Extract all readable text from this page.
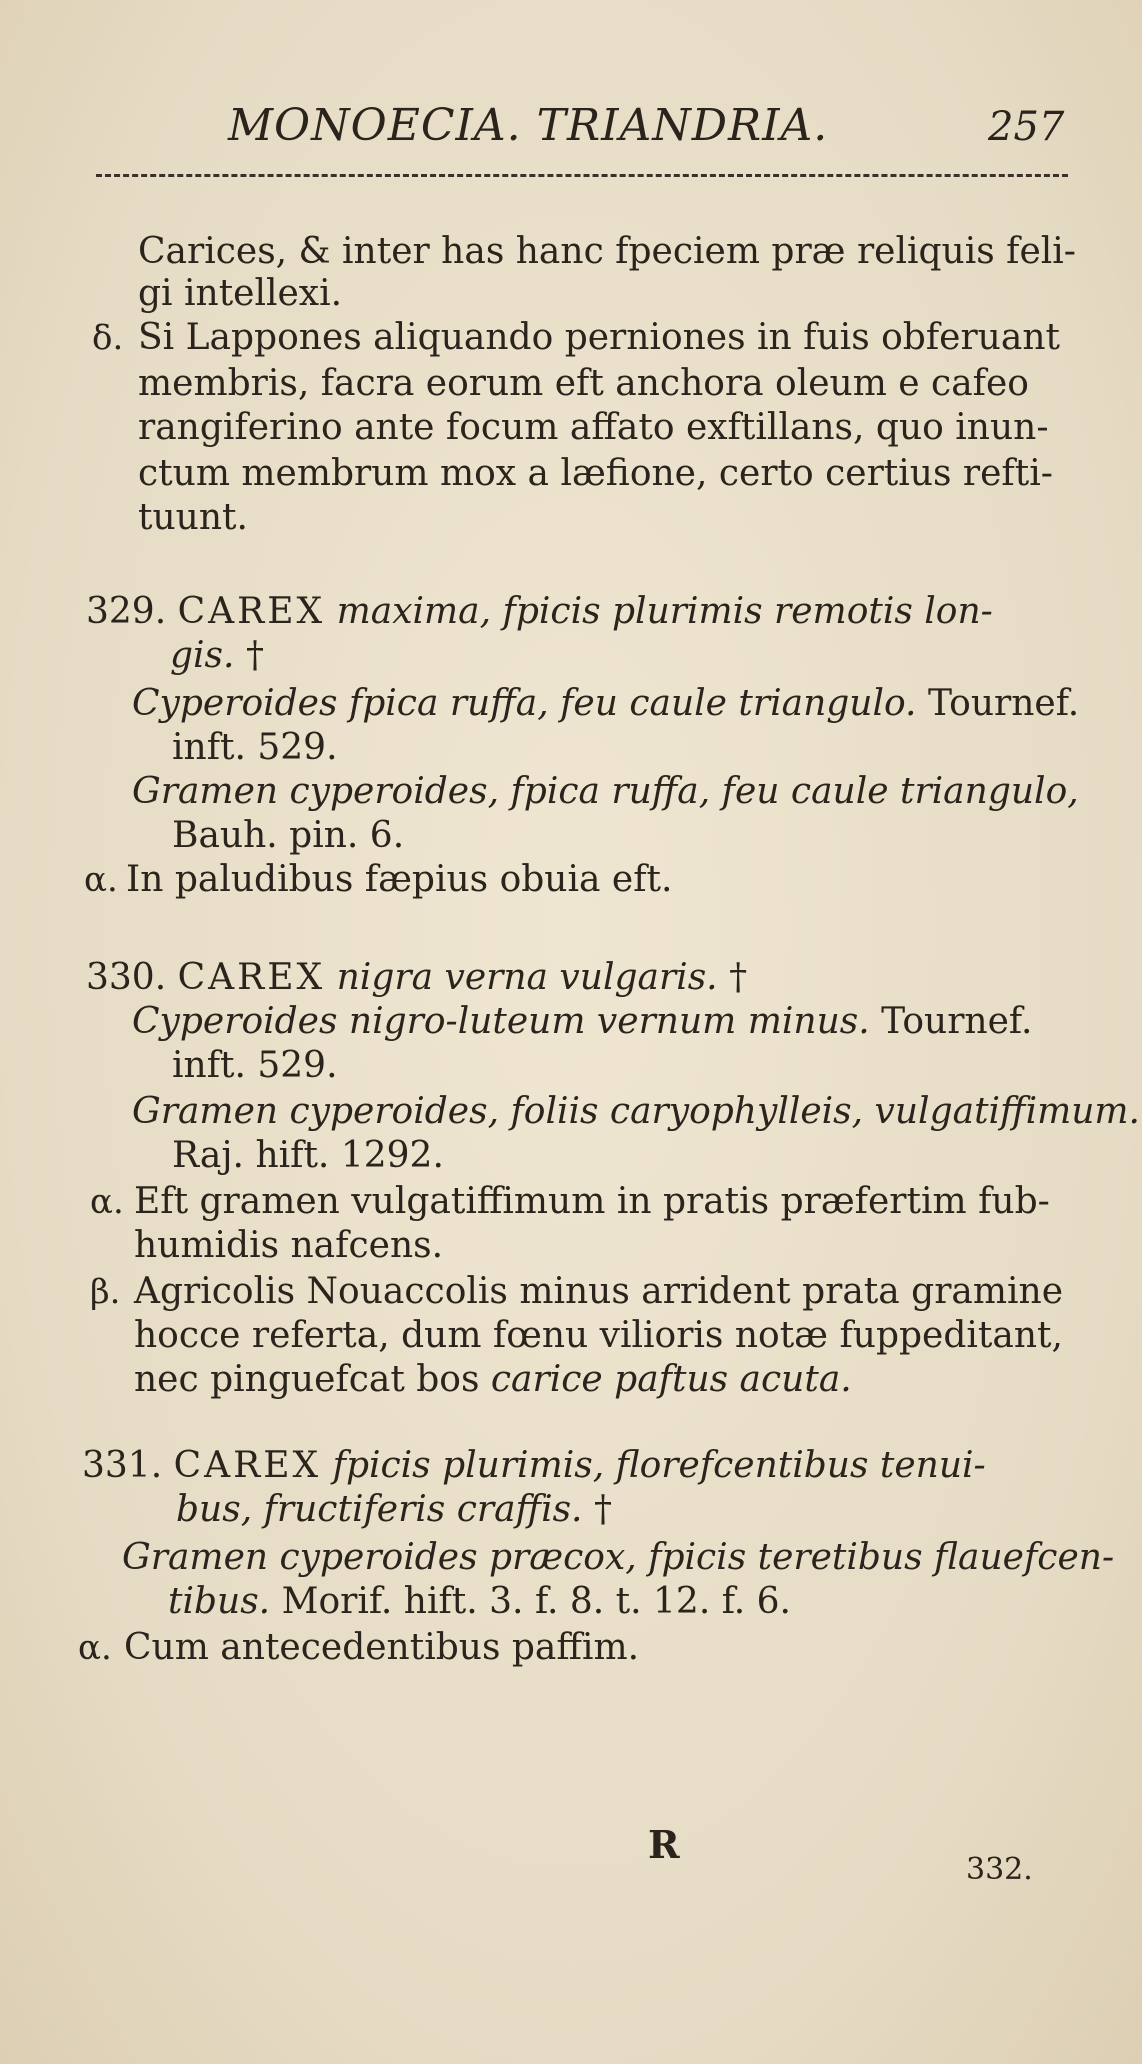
MONOECIA. TRIANDRIA.	257
Carices, & inter has hanc fpeciem præ reliquis feli-
gi intellexi.
δ. Si Lappones aliquando perniones in fuis obferuant
membris, facra eorum eft anchora oleum e cafeo
rangiferino ante focum affato exftillans, quo inun-
ctum membrum mox a læfione, certo certius refti-
tuunt.
329. CAREX maxima, fpicis plurimis remotis lon-
gis. †
Cyperoides fpica ruffa, feu caule triangulo. Tournef.
inft. 529.
Gramen cyperoides, fpica ruffa, feu caule triangulo,
Bauh. pin. 6.
α. In paludibus fæpius obuia eft.
330. CAREX nigra verna vulgaris. †
Cyperoides nigro-luteum vernum minus. Tournef.
inft. 529.
Gramen cyperoides, foliis caryophylleis, vulgatiffimum.
Raj. hift. 1292.
α. Eft gramen vulgatiffimum in pratis præfertim fub-
humidis nafcens.
β. Agricolis Nouaccolis minus arrident prata gramine
hocce referta, dum fœnu vilioris notæ fuppeditant,
nec pinguefcat bos carice paftus acuta.
331. CAREX fpicis plurimis, florefcentibus tenui-
bus, fructiferis craffis. †
Gramen cyperoides præcox, fpicis teretibus flauefcen-
tibus. Morif. hift. 3. f. 8. t. 12. f. 6.
α. Cum antecedentibus paffim.
R
332.
